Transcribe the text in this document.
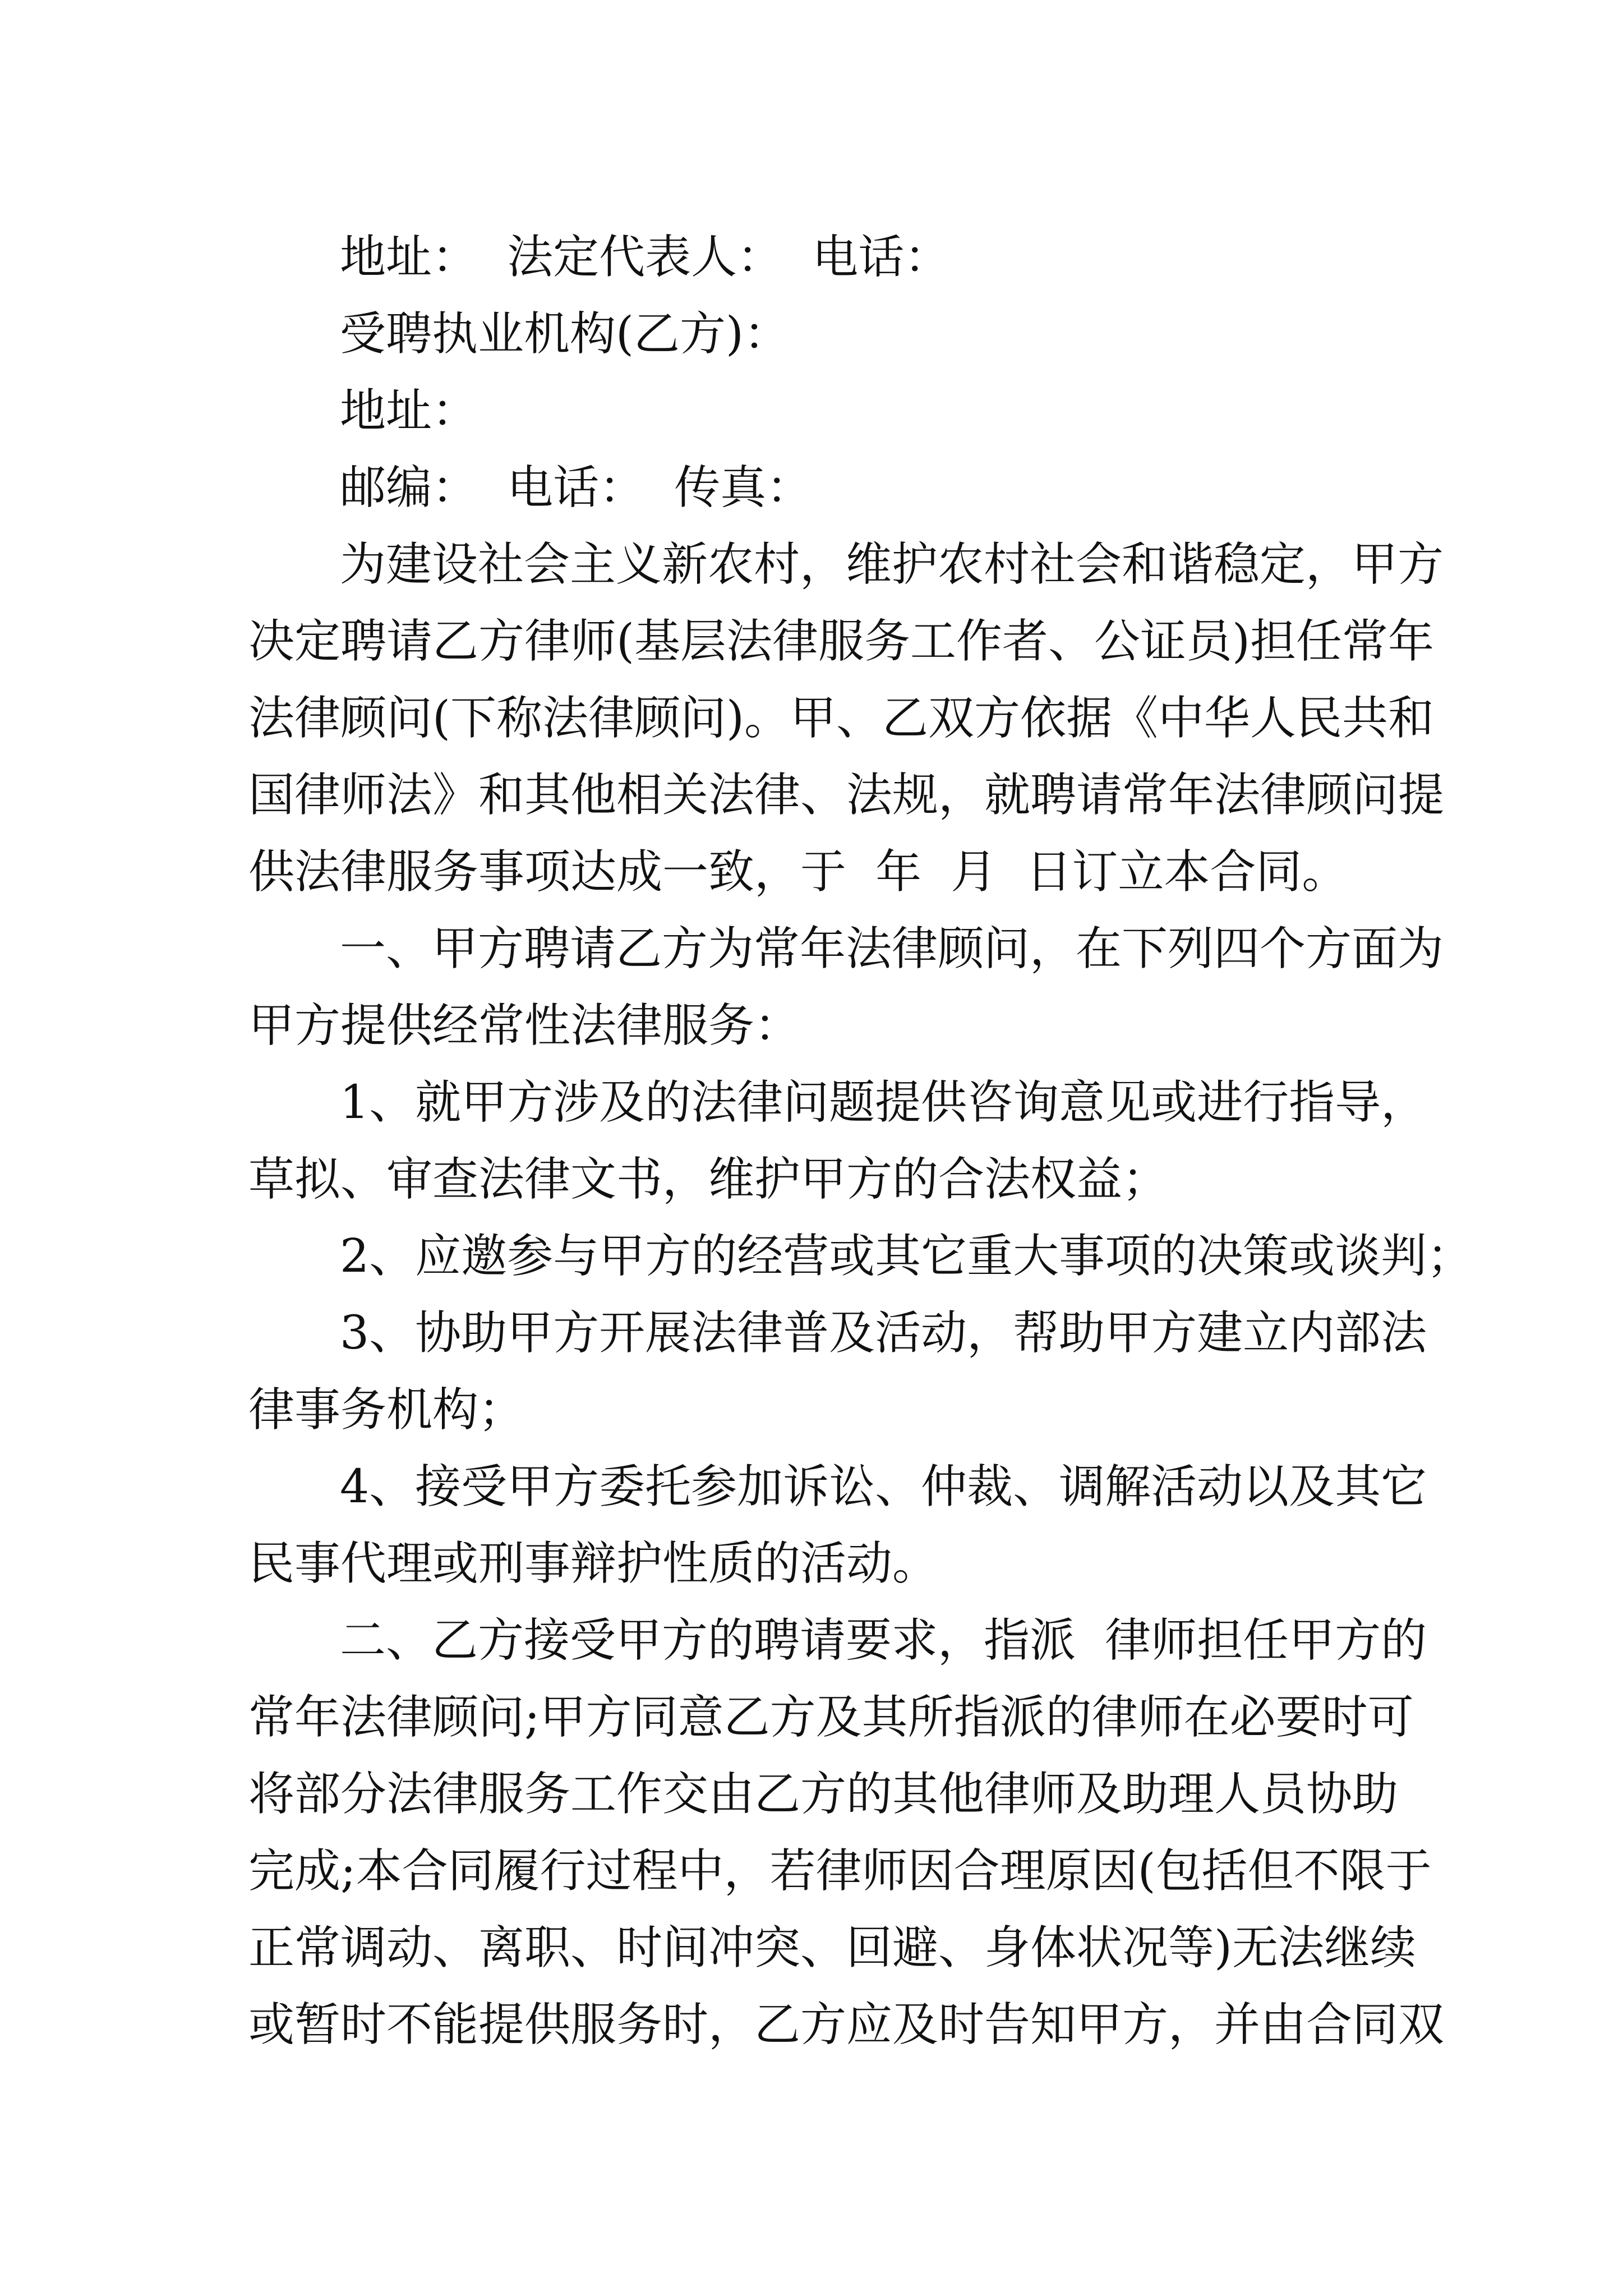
地址：  法定代表人：  电话：
受聘执业机构(乙方)：
地址：
邮编：  电话：  传真：
为建设社会主义新农村，维护农村社会和谐稳定，甲方
决定聘请乙方律师(基层法律服务工作者、公证员)担任常年
法律顾问(下称法律顾问)。甲、乙双方依据《中华人民共和
国律师法》和其他相关法律、法规，就聘请常年法律顾问提
供法律服务事项达成一致，于  年  月  日订立本合同。
一、甲方聘请乙方为常年法律顾问，在下列四个方面为
甲方提供经常性法律服务：
1、就甲方涉及的法律问题提供咨询意见或进行指导，
草拟、审查法律文书，维护甲方的合法权益；
2、应邀参与甲方的经营或其它重大事项的决策或谈判；
3、协助甲方开展法律普及活动，帮助甲方建立内部法
律事务机构；
4、接受甲方委托参加诉讼、仲裁、调解活动以及其它
民事代理或刑事辩护性质的活动。
二、乙方接受甲方的聘请要求，指派  律师担任甲方的
常年法律顾问;甲方同意乙方及其所指派的律师在必要时可
将部分法律服务工作交由乙方的其他律师及助理人员协助
完成;本合同履行过程中，若律师因合理原因(包括但不限于
正常调动、离职、时间冲突、回避、身体状况等)无法继续
或暂时不能提供服务时，乙方应及时告知甲方，并由合同双
